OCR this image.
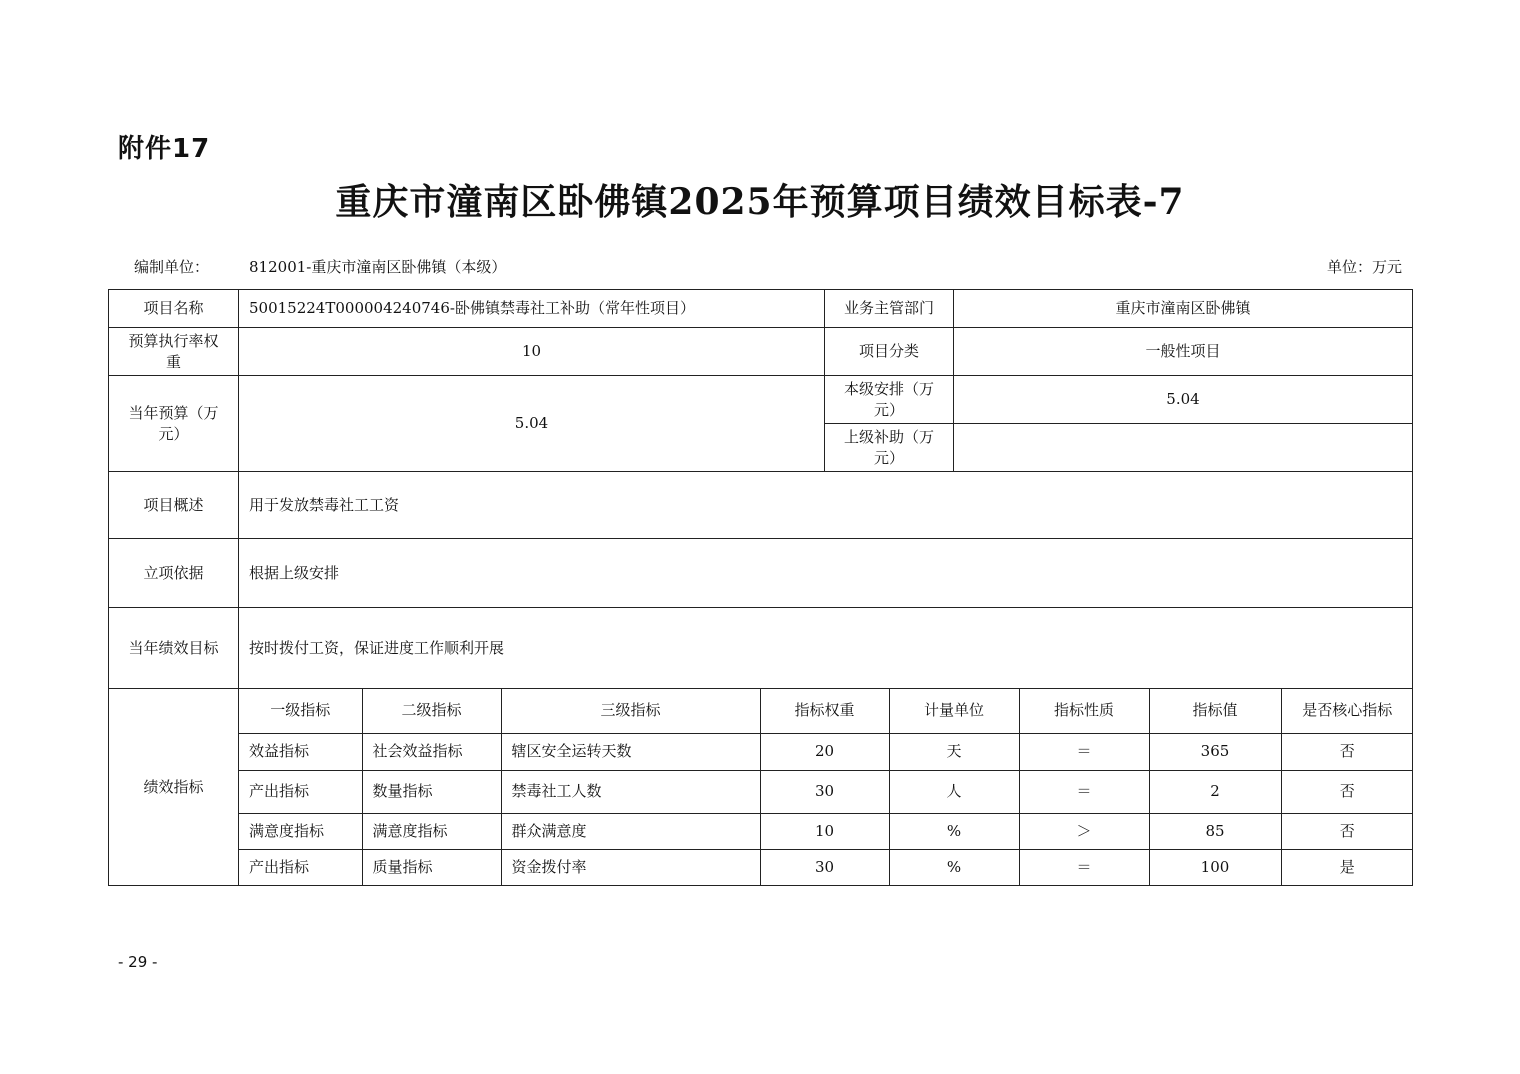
附件17
重庆市潼南区卧佛镇2025年预算项目绩效目标表-7
编制单位：	812001-重庆市潼南区卧佛镇（本级）	单位：万元
项目名称	50015224T000004240746-卧佛镇禁毒社工补助（常年性项目）	业务主管部门	重庆市潼南区卧佛镇
预算执行率权重	10	项目分类	一般性项目
当年预算（万元）	5.04	本级安排（万元）	5.04
上级补助（万元）	
项目概述	用于发放禁毒社工工资
立项依据	根据上级安排
当年绩效目标	按时拨付工资，保证进度工作顺利开展
绩效指标	
一级指标	二级指标	三级指标	指标权重	计量单位	指标性质	指标值	是否核心指标
效益指标	社会效益指标	辖区安全运转天数	20	天	＝	365	否
产出指标	数量指标	禁毒社工人数	30	人	＝	2	否
满意度指标	满意度指标	群众满意度	10	%	＞	85	否
产出指标	质量指标	资金拨付率	30	%	＝	100	是
- 29 -
